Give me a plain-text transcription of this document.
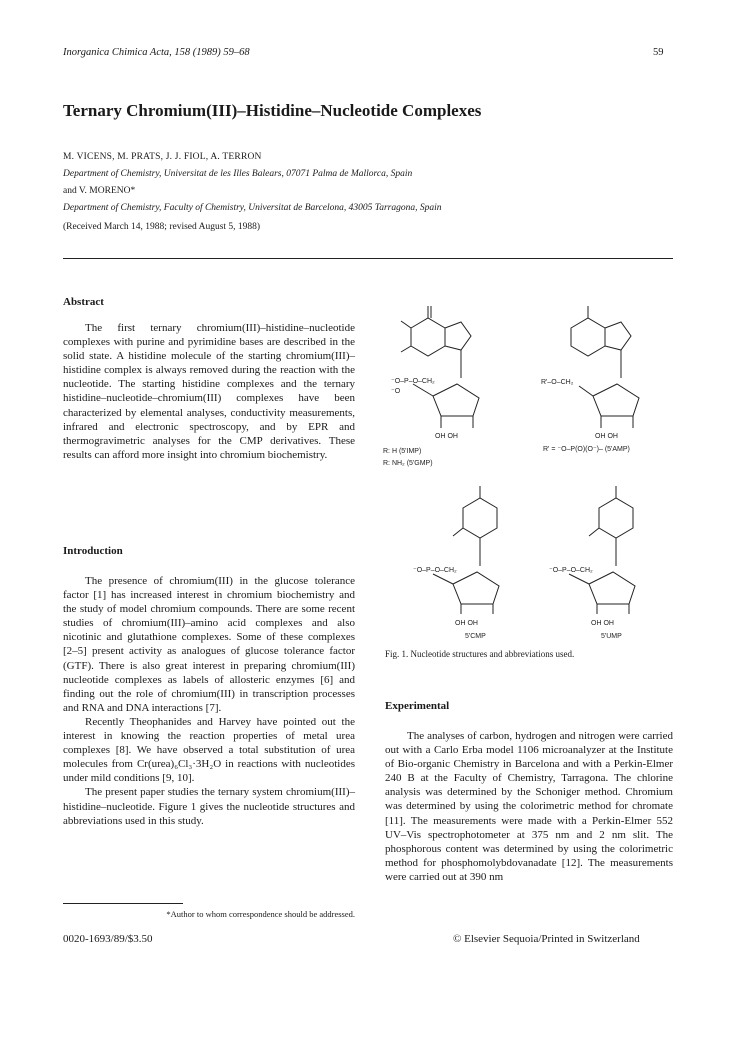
Inorganica Chimica Acta, 158 (1989) 59–68	59
Ternary Chromium(III)–Histidine–Nucleotide Complexes
M. VICENS, M. PRATS, J. J. FIOL, A. TERRON
Department of Chemistry, Universitat de les Illes Balears, 07071 Palma de Mallorca, Spain
and V. MORENO*
Department of Chemistry, Faculty of Chemistry, Universitat de Barcelona, 43005 Tarragona, Spain
(Received March 14, 1988; revised August 5, 1988)
Abstract

The first ternary chromium(III)–histidine–nucleotide complexes with purine and pyrimidine bases are described in the solid state. A histidine molecule of the starting chromium(III)–histidine complex is always removed during the reaction with the nucleotide. The starting histidine complexes and the ternary histidine–nucleotide–chromium(III) complexes have been characterized by elemental analyses, conductivity measurements, infrared and electronic spectroscopy, and by EPR and thermogravimetric analyses for the CMP derivatives. These results can afford more insight into chromium biochemistry.

Introduction

The presence of chromium(III) in the glucose tolerance factor [1] has increased interest in chromium biochemistry and the study of model chromium compounds. There are some recent studies of chromium(III)–amino acid complexes and also nicotinic and glutathione complexes. Some of these complexes [2–5] present activity as analogues of glucose tolerance factor (GTF). There is also great interest in preparing chromium(III) nucleotide complexes as labels of allosteric enzymes [6] and finding out the role of chromium(III) in transcription processes and RNA and DNA interactions [7].

Recently Theophanides and Harvey have pointed out the interest in knowing the reaction properties of metal urea complexes [8]. We have observed a total substitution of urea molecules from Cr(urea)₆Cl₃·3H₂O in reactions with nucleotides under mild conditions [9, 10].

The present paper studies the ternary system chromium(III)–histidine–nucleotide. Figure 1 gives the nucleotide structures and abbreviations used in this study.

*Author to whom correspondence should be addressed.
0020-1693/89/$3.50	© Elsevier Sequoia/Printed in Switzerland
⁻O–P–O–CH₂
⁻O
OH OH
R'–O–CH₂
OH OH
⁻O–P–O–CH₂
OH OH
⁻O–P–O–CH₂
OH OH
R: H (5'IMP)
R: NH₂ (5'GMP)
R' = ⁻O–P(O)(O⁻)– (5'AMP)
5'CMP	5'UMP
Fig. 1. Nucleotide structures and abbreviations used.
Experimental

The analyses of carbon, hydrogen and nitrogen were carried out with a Carlo Erba model 1106 microanalyzer at the Institute of Bio-organic Chemistry in Barcelona and with a Perkin-Elmer 240 B at the Faculty of Chemistry, Tarragona. The chlorine analysis was determined by the Schoniger method. Chromium was determined by using the colorimetric method for chromate [11]. The measurements were made with a Perkin-Elmer 552 UV–Vis spectrophotometer at 375 nm and 2 nm slit. The phosphorous content was determined by using the colorimetric method for phosphomolybdovanadate [12]. The measurements were carried out at 390 nm
